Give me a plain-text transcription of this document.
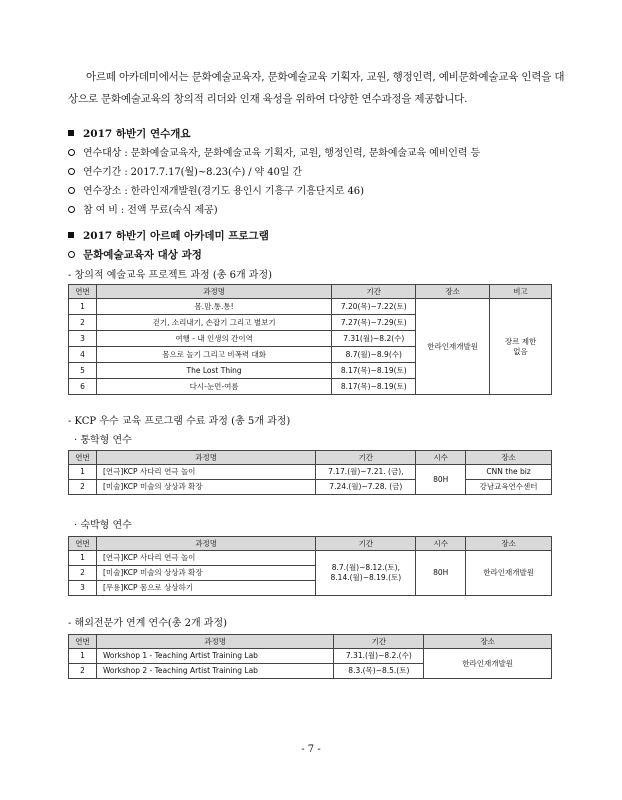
아르떼 아카데미에서는 문화예술교육자, 문화예술교육 기획자, 교원, 행정인력, 예비문화예술교육 인력을 대상으로 문화예술교육의 창의적 리더와 인재 육성을 위하여 다양한 연수과정을 제공합니다.

2017 하반기 연수개요
연수대상 : 문화예술교육자, 문화예술교육 기획자, 교원, 행정인력, 문화예술교육 예비인력 등
연수기간 : 2017.7.17(월)~8.23(수) / 약 40일 간
연수장소 : 한라인재개발원(경기도 용인시 기흥구 기흥단지로 46)
참 여 비 : 전액 무료(숙식 제공)
2017 하반기 아르떼 아카데미 프로그램
문화예술교육자 대상 과정
- 창의적 예술교육 프로젝트 과정 (총 6개 과정)
연번	과정명	기간	장소	비고
1	몸.맘.통.통!	7.20(목)~7.22(토)	한라인재개발원	장르 제한 없음
2	걷기, 소리내기, 손잡기 그리고 별보기	7.27(목)~7.29(토)		
3	여행 - 내 인생의 간이역	7.31(월)~8.2(수)		
4	몸으로 놀기 그리고 비폭력 대화	8.7(월)~8.9(수)		
5	The Lost Thing	8.17(목)~8.19(토)		
6	다시-눈먼-여름	8.17(목)~8.19(토)		
- KCP 우수 교육 프로그램 수료 과정 (총 5개 과정)
· 통학형 연수
연번	과정명	기간	시수	장소
1	[연극]KCP 사다리 연극 놀이	7.17.(월)~7.21. (금),	80H	CNN the biz
2	[미술]KCP 미술의 상상과 확장	7.24.(월)~7.28. (금)		강남교육연수센터
· 숙박형 연수
연번	과정명	기간	시수	장소
1	[연극]KCP 사다리 연극 놀이	8.7.(월)~8.12.(토),
8.14.(월)~8.19.(토)	80H	한라인재개발원
2	[미술]KCP 미술의 상상과 확장			
3	[무용]KCP 몸으로 상상하기			
- 해외전문가 연계 연수(총 2개 과정)
연번	과정명	기간	장소
1	Workshop 1 - Teaching Artist Training Lab	7.31.(월)~8.2.(수)	한라인재개발원
2	Workshop 2 - Teaching Artist Training Lab	8.3.(목)~8.5.(토)	
- 7 -
